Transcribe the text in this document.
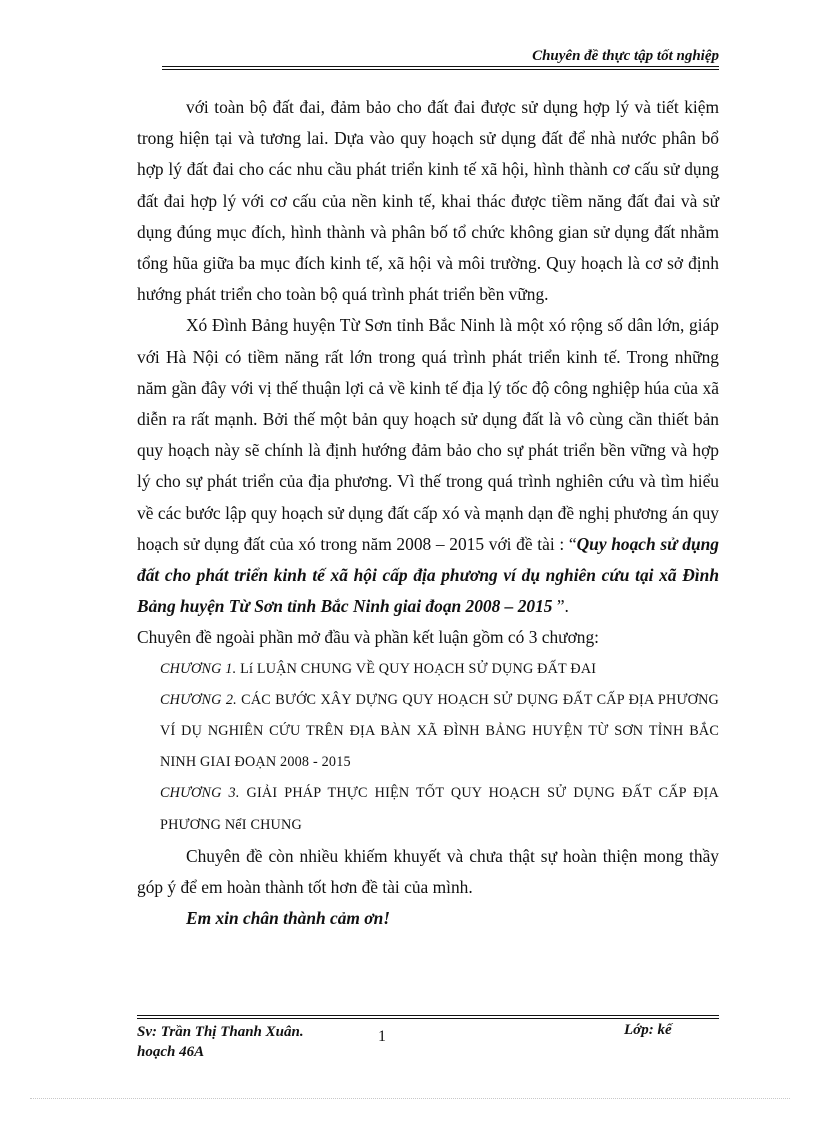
Chuyên đề thực tập tốt nghiệp

với toàn bộ đất đai, đảm bảo cho đất đai được sử dụng hợp lý và tiết kiệm trong hiện tại và tương lai. Dựa vào quy hoạch sử dụng đất để nhà nước phân bổ hợp lý đất đai cho các nhu cầu phát triển kinh tế xã hội, hình thành cơ cấu sử dụng đất đai hợp lý với cơ cấu của nền kinh tế, khai thác được tiềm năng đất đai và sử dụng đúng mục đích, hình thành và phân bố tổ chức không gian sử dụng đất nhằm tổng hũa giữa ba mục đích kinh tế, xã hội và môi trường. Quy hoạch là cơ sở định hướng phát triển cho toàn bộ quá trình phát triển bền vững.

Xó Đình Bảng huyện Từ Sơn tỉnh Bắc Ninh là một xó rộng số dân lớn, giáp với Hà Nội có tiềm năng rất lớn trong quá trình phát triển kinh tế. Trong những năm gần đây với vị thế thuận lợi cả về kinh tế địa lý tốc độ công nghiệp húa của xã diễn ra rất mạnh. Bởi thế một bản quy hoạch sử dụng đất là vô cùng cần thiết bản quy hoạch này sẽ chính là định hướng đảm bảo cho sự phát triển bền vững và hợp lý cho sự phát triển của địa phương. Vì thế trong quá trình nghiên cứu và tìm hiểu về các bước lập quy hoạch sử dụng đất cấp xó và mạnh dạn đề nghị phương án quy hoạch sử dụng đất của xó trong năm 2008 – 2015 với đề tài : “Quy hoạch sử dụng đất cho phát triển kinh tế xã hội cấp địa phương ví dụ nghiên cứu tại xã Đình Bảng huyện Từ Sơn tỉnh Bắc Ninh giai đoạn 2008 – 2015 ”.

Chuyên đề ngoài phần mở đầu và phần kết luận gồm có 3 chương:

CHƯƠNG 1. Lí LUẬN CHUNG VỀ QUY HOẠCH SỬ DỤNG ĐẤT ĐAI

CHƯƠNG 2. CÁC BƯỚC XÂY DỰNG QUY HOẠCH SỬ DỤNG ĐẤT CẤP ĐỊA PHƯƠNG VÍ DỤ NGHIÊN CỨU TRÊN ĐỊA BÀN XÃ ĐÌNH BẢNG HUYỆN TỪ SƠN TỈNH BẮC NINH GIAI ĐOẠN 2008 - 2015

CHƯƠNG 3. GIẢI PHÁP THỰC HIỆN TỐT QUY HOẠCH SỬ DỤNG ĐẤT CẤP ĐỊA PHƯƠNG NểI CHUNG

Chuyên đề còn nhiều khiếm khuyết và chưa thật sự hoàn thiện mong thầy góp ý để em hoàn thành tốt hơn đề tài của mình.

Em xin chân thành cảm ơn!

Sv: Trần Thị Thanh Xuân.
hoạch 46A
1	Lớp: kế
